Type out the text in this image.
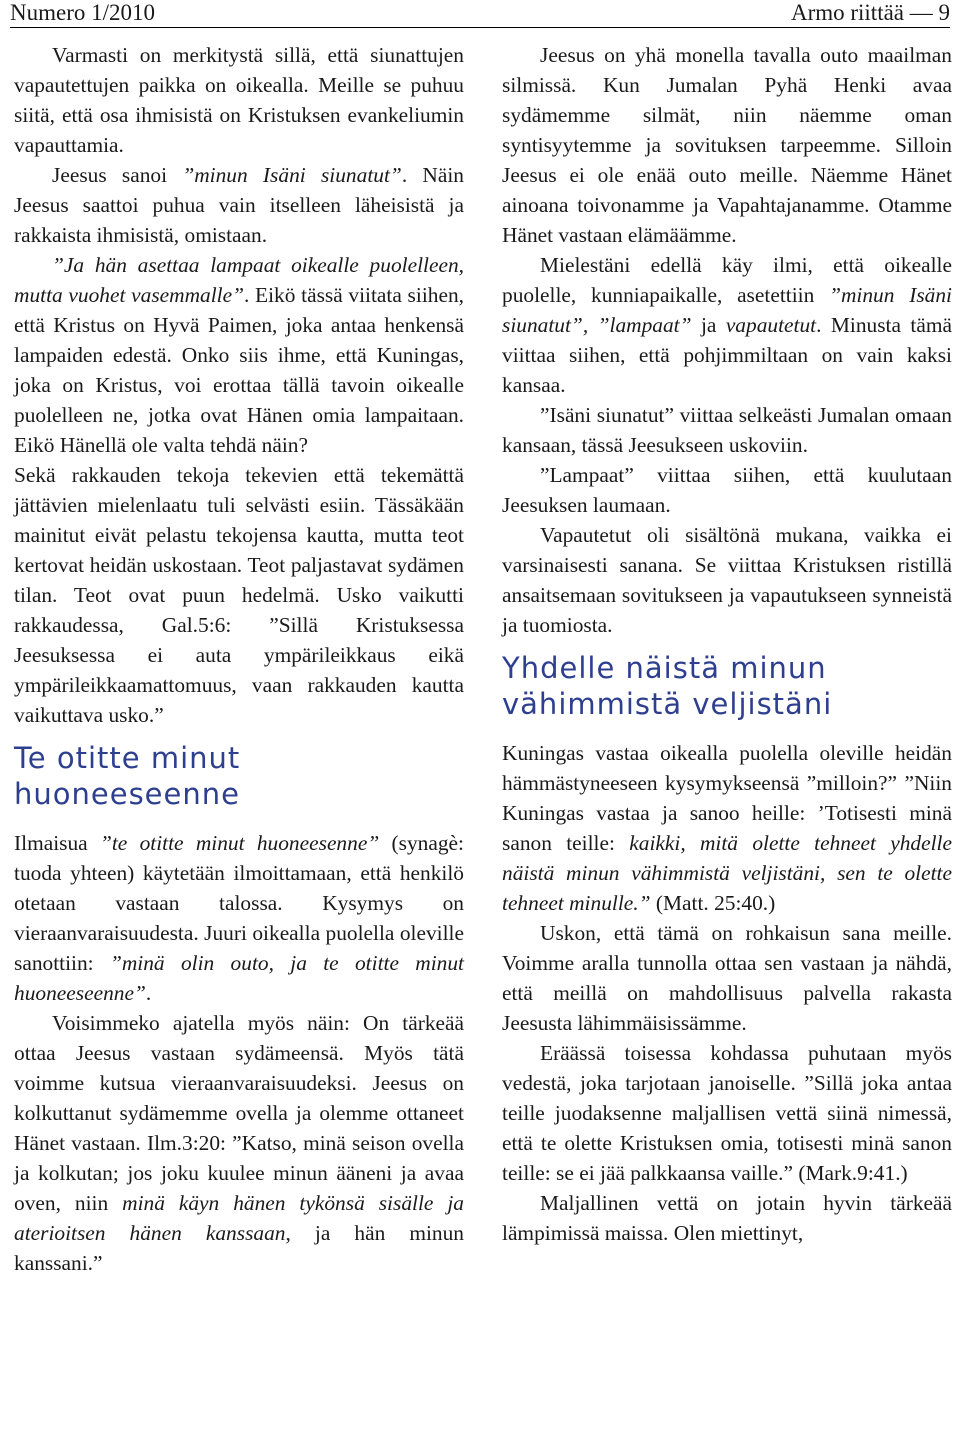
Numero 1/2010	Armo riittää — 9

Varmasti on merkitystä sillä, että siunattujen vapautettujen paikka on oikealla. Meille se puhuu siitä, että osa ihmisistä on Kristuksen evankeliumin vapauttamia.

Jeesus sanoi ”minun Isäni siunatut”. Näin Jeesus saattoi puhua vain itselleen läheisistä ja rakkaista ihmisistä, omistaan.

”Ja hän asettaa lampaat oikealle puolelleen, mutta vuohet vasemmalle”. Eikö tässä viitata siihen, että Kristus on Hyvä Paimen, joka antaa henkensä lampaiden edestä. Onko siis ihme, että Kuningas, joka on Kristus, voi erottaa tällä tavoin oikealle puolelleen ne, jotka ovat Hänen omia lampaitaan. Eikö Hänellä ole valta tehdä näin?

Sekä rakkauden tekoja tekevien että tekemättä jättävien mielenlaatu tuli selvästi esiin. Tässäkään mainitut eivät pelastu tekojensa kautta, mutta teot kertovat heidän uskostaan. Teot paljastavat sydämen tilan. Teot ovat puun hedelmä. Usko vaikutti rakkaudessa, Gal.5:6: ”Sillä Kristuksessa Jeesuksessa ei auta ympärileikkaus eikä ympärileikkaamattomuus, vaan rakkauden kautta vaikuttava usko.”

Te otitte minut huoneeseenne

Ilmaisua ”te otitte minut huoneesenne” (synagè: tuoda yhteen) käytetään ilmoittamaan, että henkilö otetaan vastaan talossa. Kysymys on vieraanvaraisuudesta. Juuri oikealla puolella oleville sanottiin: ”minä olin outo, ja te otitte minut huoneeseenne”.

Voisimmeko ajatella myös näin: On tärkeää ottaa Jeesus vastaan sydämeensä. Myös tätä voimme kutsua vieraanvaraisuudeksi. Jeesus on kolkuttanut sydämemme ovella ja olemme ottaneet Hänet vastaan. Ilm.3:20: ”Katso, minä seison ovella ja kolkutan; jos joku kuulee minun ääneni ja avaa oven, niin minä käyn hänen tykönsä sisälle ja aterioitsen hänen kanssaan, ja hän minun kanssani.”

Jeesus on yhä monella tavalla outo maailman silmissä. Kun Jumalan Pyhä Henki avaa sydämemme silmät, niin näemme oman syntisyytemme ja sovituksen tarpeemme. Silloin Jeesus ei ole enää outo meille. Näemme Hänet ainoana toivonamme ja Vapahtajanamme. Otamme Hänet vastaan elämäämme.

Mielestäni edellä käy ilmi, että oikealle puolelle, kunniapaikalle, asetettiin ”minun Isäni siunatut”, ”lampaat” ja vapautetut. Minusta tämä viittaa siihen, että pohjimmiltaan on vain kaksi kansaa.

”Isäni siunatut” viittaa selkeästi Jumalan omaan kansaan, tässä Jeesukseen uskoviin.

”Lampaat” viittaa siihen, että kuulutaan Jeesuksen laumaan.

Vapautetut oli sisältönä mukana, vaikka ei varsinaisesti sanana. Se viittaa Kristuksen ristillä ansaitsemaan sovitukseen ja vapautukseen synneistä ja tuomiosta.

Yhdelle näistä minun vähimmistä veljistäni

Kuningas vastaa oikealla puolella oleville heidän hämmästyneeseen kysymykseensä ”milloin?” ”Niin Kuningas vastaa ja sanoo heille: ’Totisesti minä sanon teille: kaikki, mitä olette tehneet yhdelle näistä minun vähimmistä veljistäni, sen te olette tehneet minulle.” (Matt. 25:40.)

Uskon, että tämä on rohkaisun sana meille. Voimme aralla tunnolla ottaa sen vastaan ja nähdä, että meillä on mahdollisuus palvella rakasta Jeesusta lähimmäisissämme.

Eräässä toisessa kohdassa puhutaan myös vedestä, joka tarjotaan janoiselle. ”Sillä joka antaa teille juodaksenne maljallisen vettä siinä nimessä, että te olette Kristuksen omia, totisesti minä sanon teille: se ei jää palkkaansa vaille.” (Mark.9:41.)

Maljallinen vettä on jotain hyvin tärkeää lämpimissä maissa. Olen miettinyt,
